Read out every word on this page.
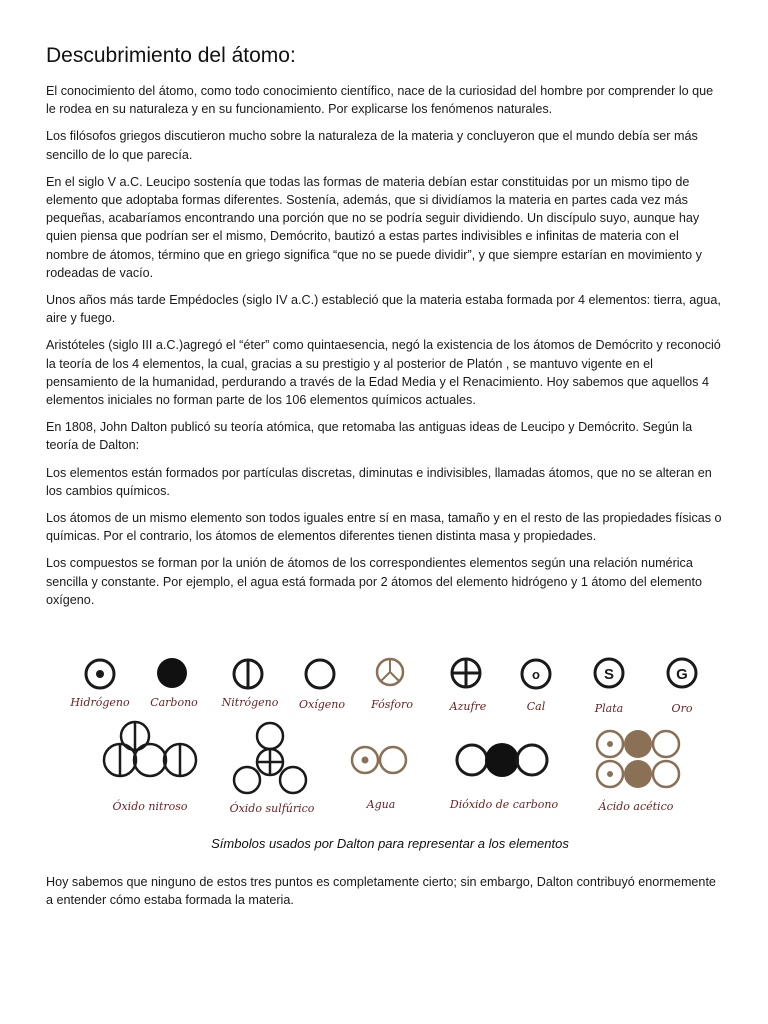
Descubrimiento del átomo:

El conocimiento del átomo, como todo conocimiento científico, nace de la curiosidad del hombre por comprender lo que le rodea en su naturaleza y en su funcionamiento. Por explicarse los fenómenos naturales.

Los filósofos griegos discutieron mucho sobre la naturaleza de la materia y concluyeron que el mundo debía ser más sencillo de lo que parecía.

En el siglo V a.C. Leucipo sostenía que todas las formas de materia debían estar constituidas por un mismo tipo de elemento que adoptaba formas diferentes. Sostenía, además, que si dividíamos la materia en partes cada vez más pequeñas, acabaríamos encontrando una porción que no se podría seguir dividiendo. Un discípulo suyo, aunque hay quien piensa que podrían ser el mismo, Demócrito, bautizó a estas partes indivisibles e infinitas de materia con el nombre de átomos, término que en griego significa “que no se puede dividir”, y que siempre estarían en movimiento y rodeadas de vacío.

Unos años más tarde Empédocles (siglo IV a.C.) estableció que la materia estaba formada por 4 elementos: tierra, agua, aire y fuego.

Aristóteles (siglo III a.C.)agregó el “éter” como quintaesencia, negó la existencia de los átomos de Demócrito y reconoció la teoría de los 4 elementos, la cual, gracias a su prestigio y al posterior de Platón , se mantuvo vigente en el pensamiento de la humanidad, perdurando a través de la Edad Media y el Renacimiento. Hoy sabemos que aquellos 4 elementos iniciales no forman parte de los 106 elementos químicos actuales.

En 1808, John Dalton publicó su teoría atómica, que retomaba las antiguas ideas de Leucipo y Demócrito. Según la teoría de Dalton:

Los elementos están formados por partículas discretas, diminutas e indivisibles, llamadas átomos, que no se alteran en los cambios químicos.

Los átomos de un mismo elemento son todos iguales entre sí en masa, tamaño y en el resto de las propiedades físicas o químicas. Por el contrario, los átomos de elementos diferentes tienen distinta masa y propiedades.

Los compuestos se forman por la unión de átomos de los correspondientes elementos según una relación numérica sencilla y constante. Por ejemplo, el agua está formada por 2 átomos del elemento hidrógeno y 1 átomo del elemento oxígeno.

Hidrógeno Carbono Nitrógeno Oxígeno Fósforo	Azufre
o
Cal
S
Plata
G
Oro
Óxido nitroso	Óxido sulfúrico	Agua	Dióxido de carbono	Ácido acético

Símbolos usados por Dalton para representar a los elementos

Hoy sabemos que ninguno de estos tres puntos es completamente cierto; sin embargo, Dalton contribuyó enormemente a entender cómo estaba formada la materia.
